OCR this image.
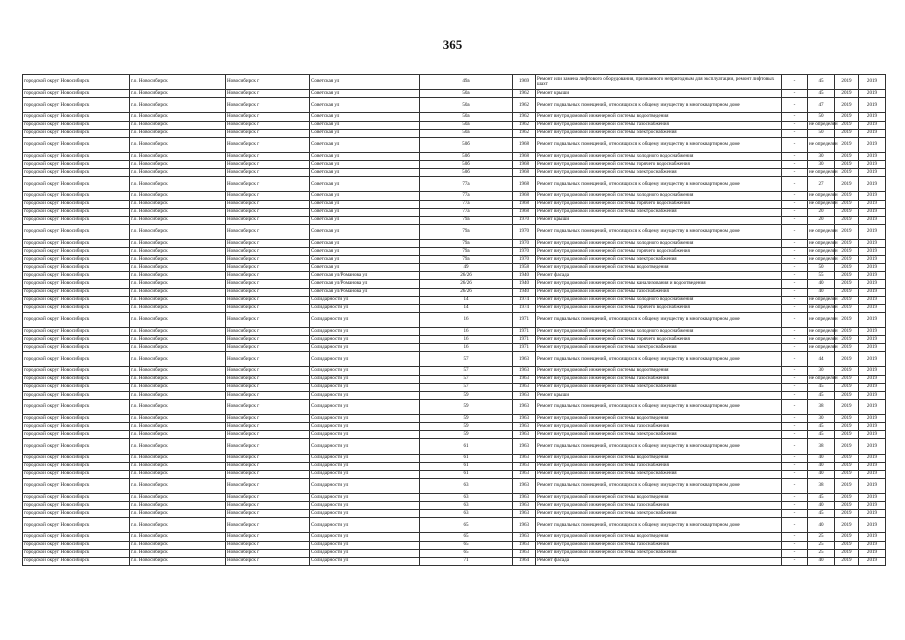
365
городской округ Новосибирск	г.о. Новосибирск	Новосибирск г	Советская ул	49а	1969	Ремонт или замена лифтового оборудования, признанного непригодным для эксплуатации, ремонт лифтовых шахт	-	45	2019	2019
городской округ Новосибирск	г.о. Новосибирск	Новосибирск г	Советская ул	50а	1962	Ремонт крыши	-	45	2019	2019
городской округ Новосибирск	г.о. Новосибирск	Новосибирск г	Советская ул	50а	1962	Ремонт подвальных помещений, относящихся к общему имуществу в многоквартирном доме	-	47	2019	2019
городской округ Новосибирск	г.о. Новосибирск	Новосибирск г	Советская ул	50а	1962	Ремонт внутридомовой инженерной системы водоотведения	-	50	2019	2019
городской округ Новосибирск	г.о. Новосибирск	Новосибирск г	Советская ул	50а	1962	Ремонт внутридомовой инженерной системы газоснабжения	-	не определен	2019	2019
городской округ Новосибирск	г.о. Новосибирск	Новосибирск г	Советская ул	50а	1962	Ремонт внутридомовой инженерной системы электроснабжения	-	50	2019	2019
городской округ Новосибирск	г.о. Новосибирск	Новосибирск г	Советская ул	50б	1968	Ремонт подвальных помещений, относящихся к общему имуществу в многоквартирном доме	-	не определен	2019	2019
городской округ Новосибирск	г.о. Новосибирск	Новосибирск г	Советская ул	50б	1968	Ремонт внутридомовой инженерной системы холодного водоснабжения	-	30	2019	2019
городской округ Новосибирск	г.о. Новосибирск	Новосибирск г	Советская ул	50б	1968	Ремонт внутридомовой инженерной системы горячего водоснабжения	-	30	2019	2019
городской округ Новосибирск	г.о. Новосибирск	Новосибирск г	Советская ул	50б	1968	Ремонт внутридомовой инженерной системы электроснабжения	-	не определен	2019	2019
городской округ Новосибирск	г.о. Новосибирск	Новосибирск г	Советская ул	77а	1968	Ремонт подвальных помещений, относящихся к общему имуществу в многоквартирном доме	-	27	2019	2019
городской округ Новосибирск	г.о. Новосибирск	Новосибирск г	Советская ул	77а	1968	Ремонт внутридомовой инженерной системы холодного водоснабжения	-	не определен	2019	2019
городской округ Новосибирск	г.о. Новосибирск	Новосибирск г	Советская ул	77а	1968	Ремонт внутридомовой инженерной системы горячего водоснабжения	-	не определен	2019	2019
городской округ Новосибирск	г.о. Новосибирск	Новосибирск г	Советская ул	77а	1968	Ремонт внутридомовой инженерной системы электроснабжения	-	20	2019	2019
городской округ Новосибирск	г.о. Новосибирск	Новосибирск г	Советская ул	79а	1970	Ремонт крыши	-	20	2019	2019
городской округ Новосибирск	г.о. Новосибирск	Новосибирск г	Советская ул	79а	1970	Ремонт подвальных помещений, относящихся к общему имуществу в многоквартирном доме	-	не определен	2019	2019
городской округ Новосибирск	г.о. Новосибирск	Новосибирск г	Советская ул	79а	1970	Ремонт внутридомовой инженерной системы холодного водоснабжения	-	не определен	2019	2019
городской округ Новосибирск	г.о. Новосибирск	Новосибирск г	Советская ул	79а	1970	Ремонт внутридомовой инженерной системы горячего водоснабжения	-	не определен	2019	2019
городской округ Новосибирск	г.о. Новосибирск	Новосибирск г	Советская ул	79а	1970	Ремонт внутридомовой инженерной системы электроснабжения	-	не определен	2019	2019
городской округ Новосибирск	г.о. Новосибирск	Новосибирск г	Советская ул	49	1958	Ремонт внутридомовой инженерной системы водоотведения	-	50	2019	2019
городской округ Новосибирск	г.о. Новосибирск	Новосибирск г	Советская ул/Романова ул	26/26	1940	Ремонт фасада	-	55	2019	2019
городской округ Новосибирск	г.о. Новосибирск	Новосибирск г	Советская ул/Романова ул	26/26	1940	Ремонт внутридомовой инженерной системы канализования и водоотведения	-	40	2019	2019
городской округ Новосибирск	г.о. Новосибирск	Новосибирск г	Советская ул/Романова ул	26/26	1940	Ремонт внутридомовой инженерной системы газоснабжения	-	40	2019	2019
городской округ Новосибирск	г.о. Новосибирск	Новосибирск г	Солидарности ул	14	1974	Ремонт внутридомовой инженерной системы холодного водоснабжения	-	не определен	2019	2019
городской округ Новосибирск	г.о. Новосибирск	Новосибирск г	Солидарности ул	14	1974	Ремонт внутридомовой инженерной системы горячего водоснабжения	-	не определен	2019	2019
городской округ Новосибирск	г.о. Новосибирск	Новосибирск г	Солидарности ул	16	1971	Ремонт подвальных помещений, относящихся к общему имуществу в многоквартирном доме	-	не определен	2019	2019
городской округ Новосибирск	г.о. Новосибирск	Новосибирск г	Солидарности ул	16	1971	Ремонт внутридомовой инженерной системы холодного водоснабжения	-	не определен	2019	2019
городской округ Новосибирск	г.о. Новосибирск	Новосибирск г	Солидарности ул	16	1971	Ремонт внутридомовой инженерной системы горячего водоснабжения	-	не определен	2019	2019
городской округ Новосибирск	г.о. Новосибирск	Новосибирск г	Солидарности ул	16	1971	Ремонт внутридомовой инженерной системы электроснабжения	-	не определен	2019	2019
городской округ Новосибирск	г.о. Новосибирск	Новосибирск г	Солидарности ул	57	1963	Ремонт подвальных помещений, относящихся к общему имуществу в многоквартирном доме	-	44	2019	2019
городской округ Новосибирск	г.о. Новосибирск	Новосибирск г	Солидарности ул	57	1963	Ремонт внутридомовой инженерной системы водоотведения	-	30	2019	2019
городской округ Новосибирск	г.о. Новосибирск	Новосибирск г	Солидарности ул	57	1963	Ремонт внутридомовой инженерной системы газоснабжения	-	не определен	2019	2019
городской округ Новосибирск	г.о. Новосибирск	Новосибирск г	Солидарности ул	57	1963	Ремонт внутридомовой инженерной системы электроснабжения	-	45	2019	2019
городской округ Новосибирск	г.о. Новосибирск	Новосибирск г	Солидарности ул	59	1963	Ремонт крыши	-	45	2019	2019
городской округ Новосибирск	г.о. Новосибирск	Новосибирск г	Солидарности ул	59	1963	Ремонт подвальных помещений, относящихся к общему имуществу в многоквартирном доме	-	38	2019	2019
городской округ Новосибирск	г.о. Новосибирск	Новосибирск г	Солидарности ул	59	1963	Ремонт внутридомовой инженерной системы водоотведения	-	30	2019	2019
городской округ Новосибирск	г.о. Новосибирск	Новосибирск г	Солидарности ул	59	1963	Ремонт внутридомовой инженерной системы газоснабжения	-	45	2019	2019
городской округ Новосибирск	г.о. Новосибирск	Новосибирск г	Солидарности ул	59	1963	Ремонт внутридомовой инженерной системы электроснабжения	-	45	2019	2019
городской округ Новосибирск	г.о. Новосибирск	Новосибирск г	Солидарности ул	61	1963	Ремонт подвальных помещений, относящихся к общему имуществу в многоквартирном доме	-	38	2019	2019
городской округ Новосибирск	г.о. Новосибирск	Новосибирск г	Солидарности ул	61	1963	Ремонт внутридомовой инженерной системы водоотведения	-	40	2019	2019
городской округ Новосибирск	г.о. Новосибирск	Новосибирск г	Солидарности ул	61	1963	Ремонт внутридомовой инженерной системы газоснабжения	-	40	2019	2019
городской округ Новосибирск	г.о. Новосибирск	Новосибирск г	Солидарности ул	61	1963	Ремонт внутридомовой инженерной системы электроснабжения	-	40	2019	2019
городской округ Новосибирск	г.о. Новосибирск	Новосибирск г	Солидарности ул	63	1963	Ремонт подвальных помещений, относящихся к общему имуществу в многоквартирном доме	-	38	2019	2019
городской округ Новосибирск	г.о. Новосибирск	Новосибирск г	Солидарности ул	63	1963	Ремонт внутридомовой инженерной системы водоотведения	-	45	2019	2019
городской округ Новосибирск	г.о. Новосибирск	Новосибирск г	Солидарности ул	63	1963	Ремонт внутридомовой инженерной системы газоснабжения	-	40	2019	2019
городской округ Новосибирск	г.о. Новосибирск	Новосибирск г	Солидарности ул	63	1963	Ремонт внутридомовой инженерной системы электроснабжения	-	45	2019	2019
городской округ Новосибирск	г.о. Новосибирск	Новосибирск г	Солидарности ул	65	1963	Ремонт подвальных помещений, относящихся к общему имуществу в многоквартирном доме	-	40	2019	2019
городской округ Новосибирск	г.о. Новосибирск	Новосибирск г	Солидарности ул	65	1963	Ремонт внутридомовой инженерной системы водоотведения	-	25	2019	2019
городской округ Новосибирск	г.о. Новосибирск	Новосибирск г	Солидарности ул	65	1963	Ремонт внутридомовой инженерной системы газоснабжения	-	25	2019	2019
городской округ Новосибирск	г.о. Новосибирск	Новосибирск г	Солидарности ул	65	1963	Ремонт внутридомовой инженерной системы электроснабжения	-	25	2019	2019
городской округ Новосибирск	г.о. Новосибирск	Новосибирск г	Солидарности ул	71	1964	Ремонт фасада	-	40	2019	2019
